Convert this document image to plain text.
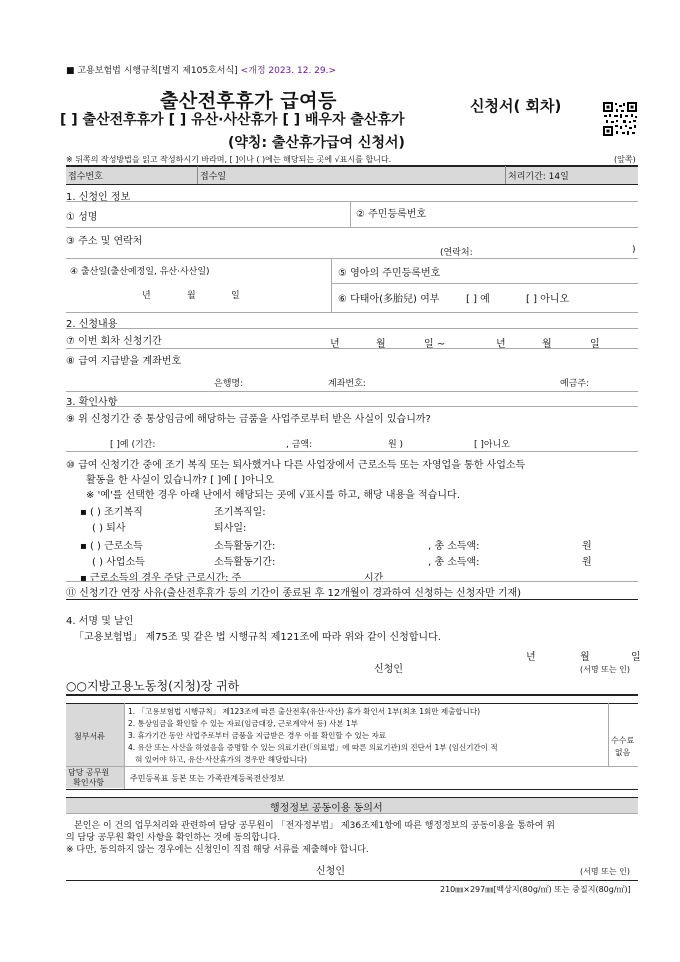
■ 고용보험법 시행규칙[별지 제105호서식] <개정 2023. 12. 29.>
출산전후휴가 급여등
[ ] 출산전후휴가 [ ] 유산·사산휴가 [ ] 배우자 출산휴가
(약칭: 출산휴가급여 신청서)
신청서( 회차)
※ 뒤쪽의 작성방법을 읽고 작성하시기 바라며, [ ]이나 ( )에는 해당되는 곳에 √표시를 합니다.	(앞쪽)
접수번호	접수일	처리기간: 14일
1. 신청인 정보
① 성명	② 주민등록번호
③ 주소 및 연락처
(연락처:	)
④ 출산일(출산예정일, 유산·사산일)
년	월	일
⑤ 영아의 주민등록번호
⑥ 다태아(多胎兒) 여부	[ ] 예	[ ] 아니오
2. 신청내용
⑦ 이번 회차 신청기간	년	월	일 ~	년	월	일
⑧ 급여 지급받을 계좌번호
은행명:	계좌번호:	예금주:
3. 확인사항
⑨ 위 신청기간 중 통상임금에 해당하는 금품을 사업주로부터 받은 사실이 있습니까?
[ ]예 (기간:	, 금액:	원 )	[ ]아니오
⑩ 급여 신청기간 중에 조기 복직 또는 퇴사했거나 다른 사업장에서 근로소득 또는 자영업을 통한 사업소득
활동을 한 사실이 있습니까? [ ]예 [ ]아니오
※ '예'를 선택한 경우 아래 난에서 해당되는 곳에 √표시를 하고, 해당 내용을 적습니다.
▪ ( ) 조기복직	조기복직일:
( ) 퇴사	퇴사일:
▪ ( ) 근로소득	소득활동기간:	, 총 소득액:	원
( ) 사업소득	소득활동기간:	, 총 소득액:	원
▪ 근로소득의 경우 주당 근로시간: 주	시간
⑪ 신청기간 연장 사유(출산전후휴가 등의 기간이 종료된 후 12개월이 경과하여 신청하는 신청자만 기재)
4. 서명 및 날인
「고용보험법」 제75조 및 같은 법 시행규칙 제121조에 따라 위와 같이 신청합니다.
년	월	일
신청인	(서명 또는 인)
○○지방고용노동청(지청)장 귀하
첨부서류
1. 「고용보험법 시행규칙」 제123조에 따른 출산전후(유산·사산) 휴가 확인서 1부(최초 1회만 제출합니다)
2. 통상임금을 확인할 수 있는 자료(임금대장, 근로계약서 등) 사본 1부
3. 휴가기간 동안 사업주로부터 금품을 지급받은 경우 이를 확인할 수 있는 자료
4. 유산 또는 사산을 하였음을 증명할 수 있는 의료기관(「의료법」에 따른 의료기관)의 진단서 1부 (임신기간이 적
혀 있어야 하고, 유산·사산휴가의 경우만 해당합니다)
수수료
없음
담당 공무원
확인사항	주민등록표 등본 또는 가족관계등록전산정보
행정정보 공동이용 동의서
본인은 이 건의 업무처리와 관련하여 담당 공무원이 「전자정부법」 제36조제1항에 따른 행정정보의 공동이용을 통하여 위
의 담당 공무원 확인 사항을 확인하는 것에 동의합니다.
※ 다만, 동의하지 않는 경우에는 신청인이 직접 해당 서류를 제출해야 합니다.
신청인	(서명 또는 인)
210㎜×297㎜[백상지(80g/㎡) 또는 중질지(80g/㎡)]
